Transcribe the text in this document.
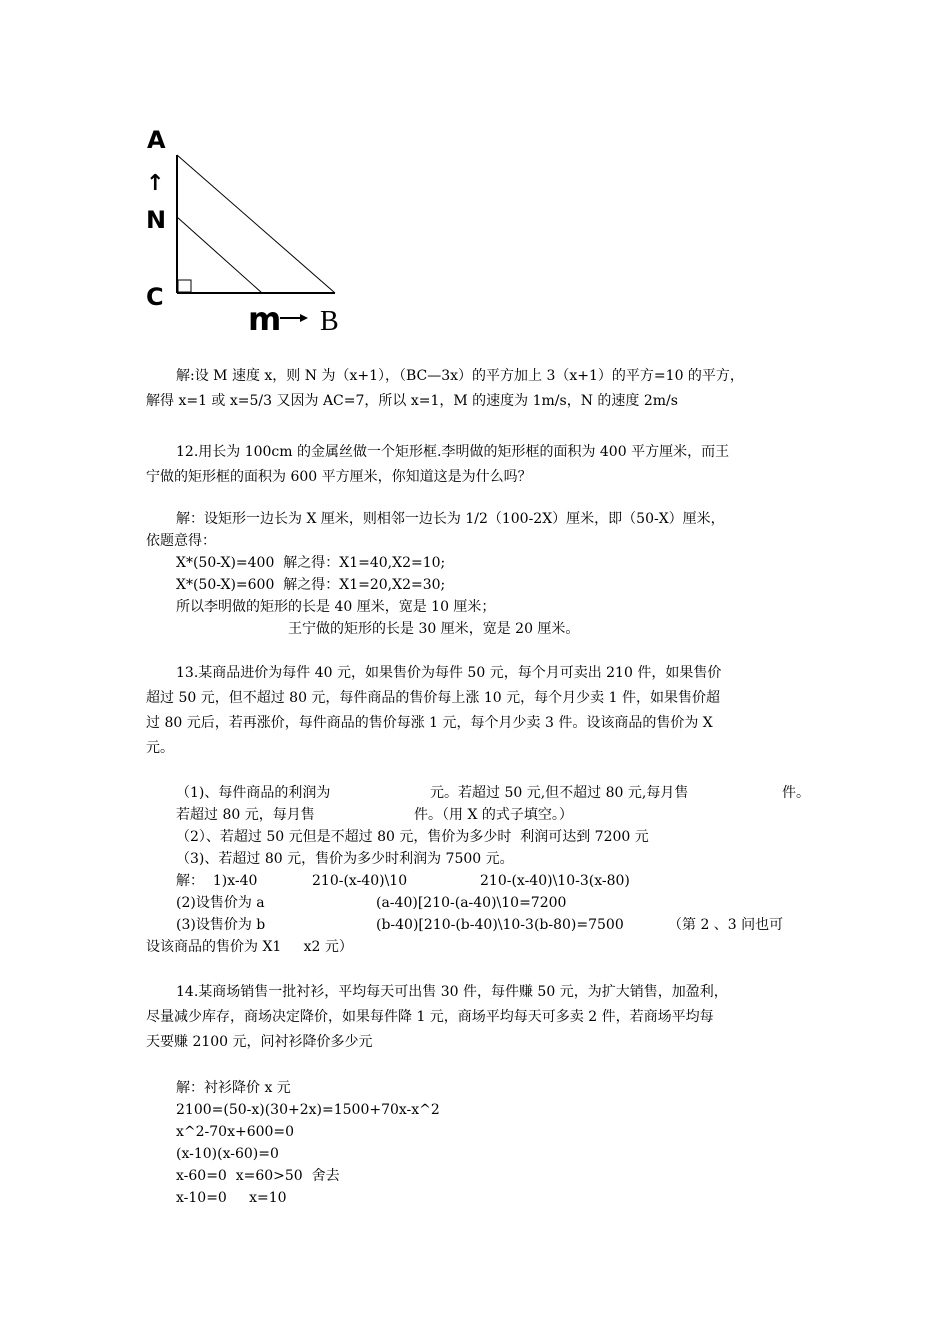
A
↑
N
C
m B
解:设 M 速度 x，则 N 为（x+1），（BC—3x）的平方加上 3（x+1）的平方=10 的平方，
解得 x=1 或 x=5/3 又因为 AC=7，所以 x=1，M 的速度为 1m/s，N 的速度 2m/s
12.用长为 100cm 的金属丝做一个矩形框.李明做的矩形框的面积为 400 平方厘米，而王
宁做的矩形框的面积为 600 平方厘米，你知道这是为什么吗？
解：设矩形一边长为 X 厘米，则相邻一边长为 1/2（100-2X）厘米，即（50-X）厘米，
依题意得：
X*(50-X)=400  解之得：X1=40,X2=10;
X*(50-X)=600  解之得：X1=20,X2=30;
所以李明做的矩形的长是 40 厘米，宽是 10 厘米；
王宁做的矩形的长是 30 厘米，宽是 20 厘米。
13.某商品进价为每件 40 元，如果售价为每件 50 元，每个月可卖出 210 件，如果售价
超过 50 元，但不超过 80 元，每件商品的售价每上涨 10 元，每个月少卖 1 件，如果售价超
过 80 元后，若再涨价，每件商品的售价每涨 1 元，每个月少卖 3 件。设该商品的售价为 X
元。
（1)、每件商品的利润为	元。若超过 50 元,但不超过 80 元,每月售	件。
若超过 80 元，每月售	件。（用 X 的式子填空。）
（2）、若超过 50 元但是不超过 80 元，售价为多少时  利润可达到 7200 元
（3)、若超过 80 元，售价为多少时利润为 7500 元。
解：  1)x-40	210-(x-40)\10	210-(x-40)\10-3(x-80)
(2)设售价为 a	(a-40)[210-(a-40)\10=7200
(3)设售价为 b	(b-40)[210-(b-40)\10-3(b-80)=7500	（第 2 、3 问也可
设该商品的售价为 X1     x2 元）
14.某商场销售一批衬衫，平均每天可出售 30 件，每件赚 50 元，为扩大销售，加盈利，
尽量减少库存，商场决定降价，如果每件降 1 元，商场平均每天可多卖 2 件，若商场平均每
天要赚 2100 元，问衬衫降价多少元
解：衬衫降价 x 元
2100=(50-x)(30+2x)=1500+70x-x^2
x^2-70x+600=0
(x-10)(x-60)=0
x-60=0  x=60>50  舍去
x-10=0     x=10
